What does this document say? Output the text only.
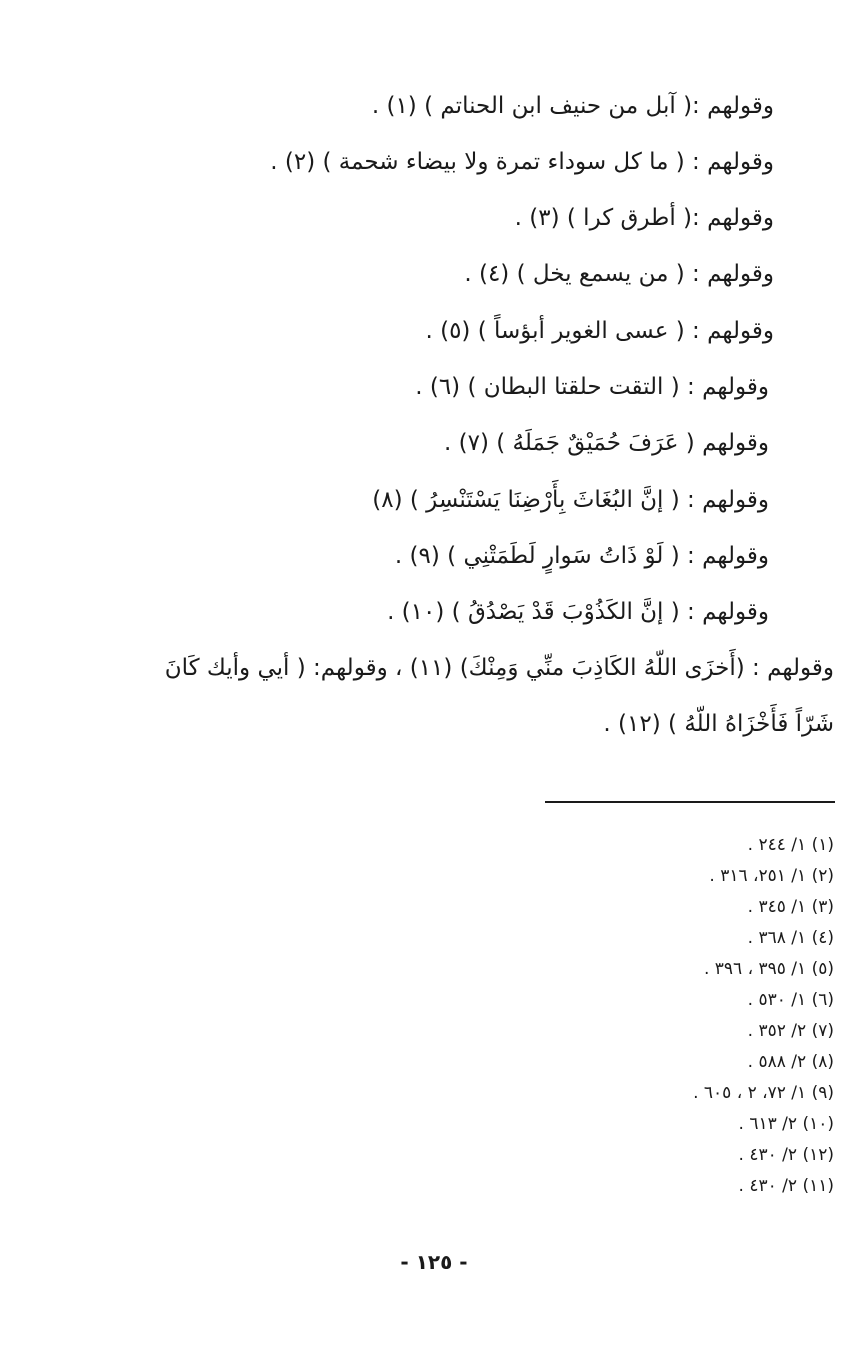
وقولهم :( آبل من حنيف ابن الحناتم ) (١) .
وقولهم : ( ما كل سوداء تمرة ولا بيضاء شحمة ) (٢) .
وقولهم :( أطرق كرا ) (٣) .
وقولهم : ( من يسمع يخل ) (٤) .
وقولهم : ( عسى الغوير أبؤساً ) (٥) .
وقولهم : ( التقت حلقتا البطان ) (٦) .
وقولهم ( عَرَفَ حُمَيْقٌ جَمَلَهُ ) (٧) .
وقولهم : ( إنَّ البُغَاثَ بِأَرْضِنَا يَسْتَنْسِرُ ) (٨)
وقولهم : ( لَوْ ذَاتُ سَوارٍ لَطَمَتْنِي ) (٩) .
وقولهم : ( إنَّ الكَذُوْبَ قَدْ يَصْدُقُ ) (١٠) .
وقولهم : (أَخزَى اللّهُ الكَاذِبَ منِّي وَمِنْكَ) (١١) ، وقولهم: ( أيي وأيك كَانَ
شَرّاً فَأَخْزَاهُ اللّهُ ) (١٢) .
(١) ١/ ٢٤٤ .
(٢) ١/ ٢٥١، ٣١٦ .
(٣) ١/ ٣٤٥ .
(٤) ١/ ٣٦٨ .
(٥) ١/ ٣٩٥ ، ٣٩٦ .
(٦) ١/ ٥٣٠ .
(٧) ٢/ ٣٥٢ .
(٨) ٢/ ٥٨٨ .
(٩) ١/ ٧٢، ٢ ، ٦٠٥ .
(١٠) ٢/ ٦١٣ .
(١٢) ٢/ ٤٣٠ .
(١١) ٢/ ٤٣٠ .
- ١٢٥ -
